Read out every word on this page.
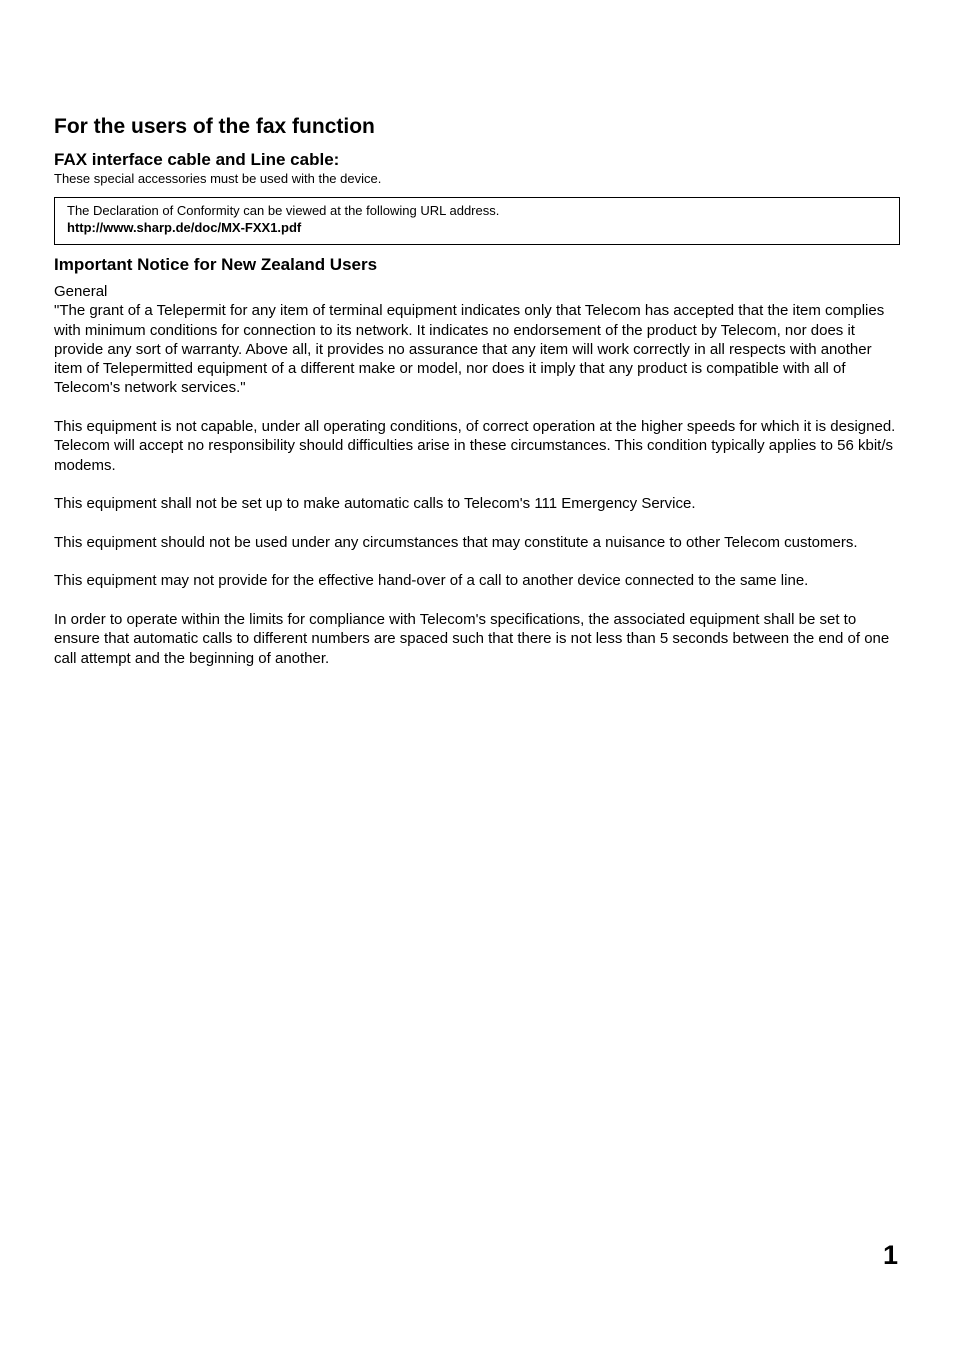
For the users of the fax function
FAX interface cable and Line cable:
These special accessories must be used with the device.
The Declaration of Conformity can be viewed at the following URL address.
http://www.sharp.de/doc/MX-FXX1.pdf
Important Notice for New Zealand Users

General

"The grant of a Telepermit for any item of terminal equipment indicates only that Telecom has accepted that the item complies with minimum conditions for connection to its network. It indicates no endorsement of the product by Telecom, nor does it provide any sort of warranty. Above all, it provides no assurance that any item will work correctly in all respects with another item of Telepermitted equipment of a different make or model, nor does it imply that any product is compatible with all of Telecom's network services."

This equipment is not capable, under all operating conditions, of correct operation at the higher speeds for which it is designed. Telecom will accept no responsibility should difficulties arise in these circumstances. This condition typically applies to 56 kbit/s modems.

This equipment shall not be set up to make automatic calls to Telecom's 111 Emergency Service.

This equipment should not be used under any circumstances that may constitute a nuisance to other Telecom customers.

This equipment may not provide for the effective hand-over of a call to another device connected to the same line.

In order to operate within the limits for compliance with Telecom's specifications, the associated equipment shall be set to ensure that automatic calls to different numbers are spaced such that there is not less than 5 seconds between the end of one call attempt and the beginning of another.

1
